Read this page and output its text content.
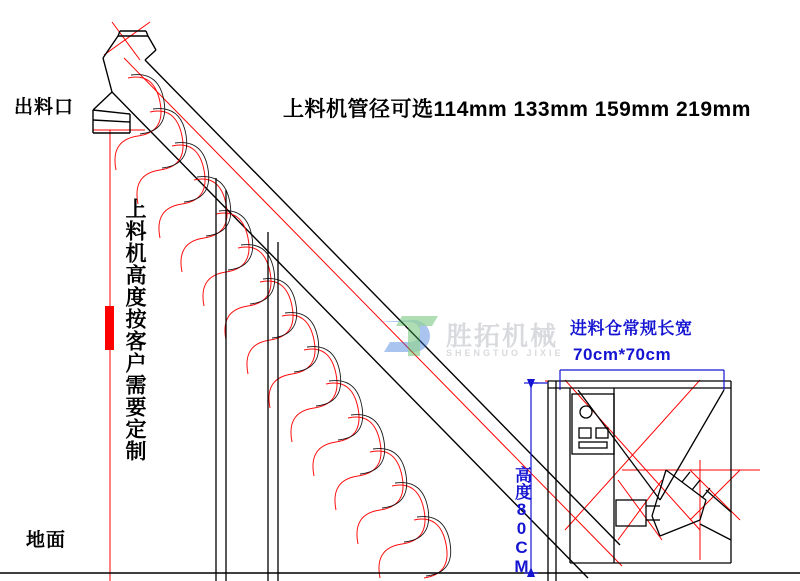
胜拓机械
SHENGTUO JIXIE
出料口	上料机管径可选114mm 133mm 159mm 219mm
上料机高度按客户需要定制
地面
进料仓常规长宽
70cm*70cm
高度80CM
